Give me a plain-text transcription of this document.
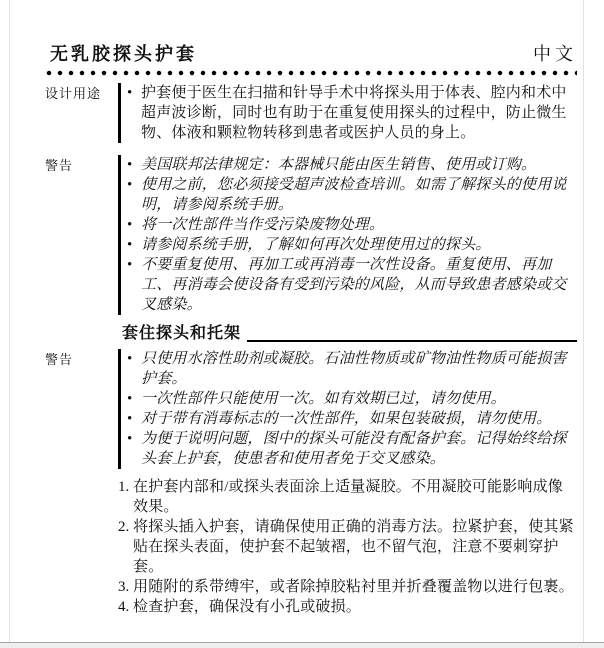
无乳胶探头护套	中文
设计用途	• 护套便于医生在扫描和针导手术中将探头用于体表、腔内和术中超声波诊断，同时也有助于在重复使用探头的过程中，防止微生物、体液和颗粒物转移到患者或医护人员的身上。
警告	• 美国联邦法律规定：本器械只能由医生销售、使用或订购。
• 使用之前，您必须接受超声波检查培训。如需了解探头的使用说明，请参阅系统手册。
• 将一次性部件当作受污染废物处理。
• 请参阅系统手册，了解如何再次处理使用过的探头。
• 不要重复使用、再加工或再消毒一次性设备。重复使用、再加工、再消毒会使设备有受到污染的风险，从而导致患者感染或交叉感染。
套住探头和托架
警告	• 只使用水溶性助剂或凝胶。石油性物质或矿物油性物质可能损害护套。
• 一次性部件只能使用一次。如有效期已过，请勿使用。
• 对于带有消毒标志的一次性部件，如果包装破损，请勿使用。
• 为便于说明问题，图中的探头可能没有配备护套。记得始终给探头套上护套，使患者和使用者免于交叉感染。
1. 在护套内部和/或探头表面涂上适量凝胶。不用凝胶可能影响成像效果。
2. 将探头插入护套，请确保使用正确的消毒方法。拉紧护套，使其紧贴在探头表面，使护套不起皱褶，也不留气泡，注意不要刺穿护套。
3. 用随附的系带缚牢，或者除掉胶粘衬里并折叠覆盖物以进行包裹。
4. 检查护套，确保没有小孔或破损。
